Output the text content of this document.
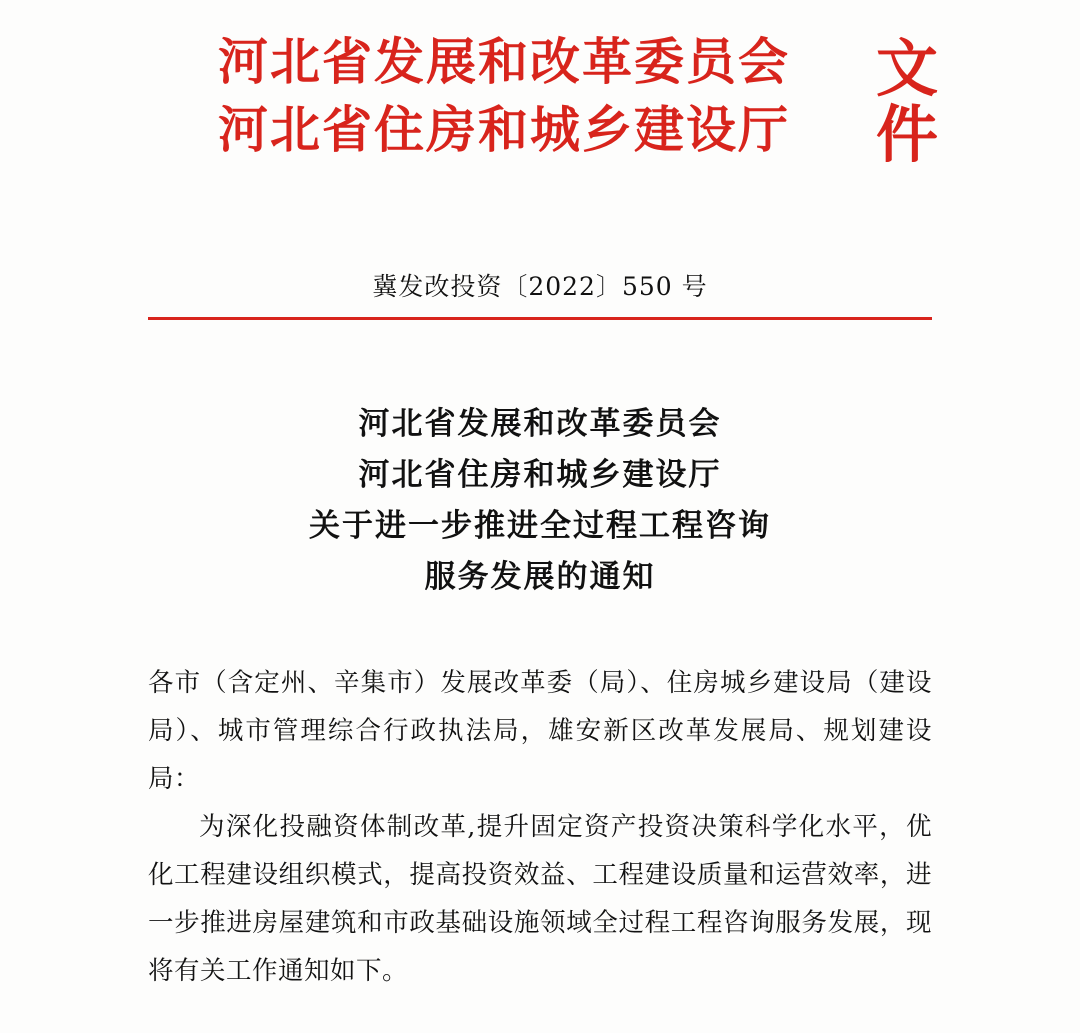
河北省发展和改革委员会
河北省住房和城乡建设厅
文件
冀发改投资〔2022〕550 号
河北省发展和改革委员会
河北省住房和城乡建设厅
关于进一步推进全过程工程咨询
服务发展的通知
各市（含定州、辛集市）发展改革委（局）、住房城乡建设局（建设局）、城市管理综合行政执法局，雄安新区改革发展局、规划建设局：
为深化投融资体制改革,提升固定资产投资决策科学化水平，优化工程建设组织模式，提高投资效益、工程建设质量和运营效率，进一步推进房屋建筑和市政基础设施领域全过程工程咨询服务发展，现将有关工作通知如下。
